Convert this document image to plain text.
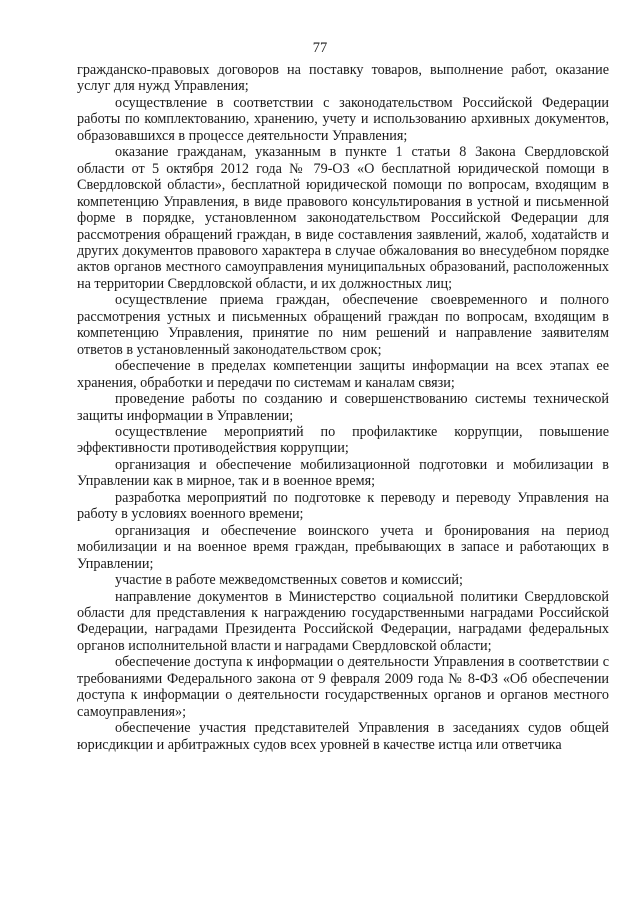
77

гражданско-правовых договоров на поставку товаров, выполнение работ, оказание услуг для нужд Управления;

осуществление в соответствии с законодательством Российской Федерации работы по комплектованию, хранению, учету и использованию архивных документов, образовавшихся в процессе деятельности Управления;

оказание гражданам, указанным в пункте 1 статьи 8 Закона Свердловской области от 5 октября 2012 года № 79-ОЗ «О бесплатной юридической помощи в Свердловской области», бесплатной юридической помощи по вопросам, входящим в компетенцию Управления, в виде правового консультирования в устной и письменной форме в порядке, установленном законодательством Российской Федерации для рассмотрения обращений граждан, в виде составления заявлений, жалоб, ходатайств и других документов правового характера в случае обжалования во внесудебном порядке актов органов местного самоуправления муниципальных образований, расположенных на территории Свердловской области, и их должностных лиц;

осуществление приема граждан, обеспечение своевременного и полного рассмотрения устных и письменных обращений граждан по вопросам, входящим в компетенцию Управления, принятие по ним решений и направление заявителям ответов в установленный законодательством срок;

обеспечение в пределах компетенции защиты информации на всех этапах ее хранения, обработки и передачи по системам и каналам связи;

проведение работы по созданию и совершенствованию системы технической защиты информации в Управлении;

осуществление мероприятий по профилактике коррупции, повышение эффективности противодействия коррупции;

организация и обеспечение мобилизационной подготовки и мобилизации в Управлении как в мирное, так и в военное время;

разработка мероприятий по подготовке к переводу и переводу Управления на работу в условиях военного времени;

организация и обеспечение воинского учета и бронирования на период мобилизации и на военное время граждан, пребывающих в запасе и работающих в Управлении;

участие в работе межведомственных советов и комиссий;

направление документов в Министерство социальной политики Свердловской области для представления к награждению государственными наградами Российской Федерации, наградами Президента Российской Федерации, наградами федеральных органов исполнительной власти и наградами Свердловской области;

обеспечение доступа к информации о деятельности Управления в соответствии с требованиями Федерального закона от 9 февраля 2009 года № 8-ФЗ «Об обеспечении доступа к информации о деятельности государственных органов и органов местного самоуправления»;

обеспечение участия представителей Управления в заседаниях судов общей юрисдикции и арбитражных судов всех уровней в качестве истца или ответчика
